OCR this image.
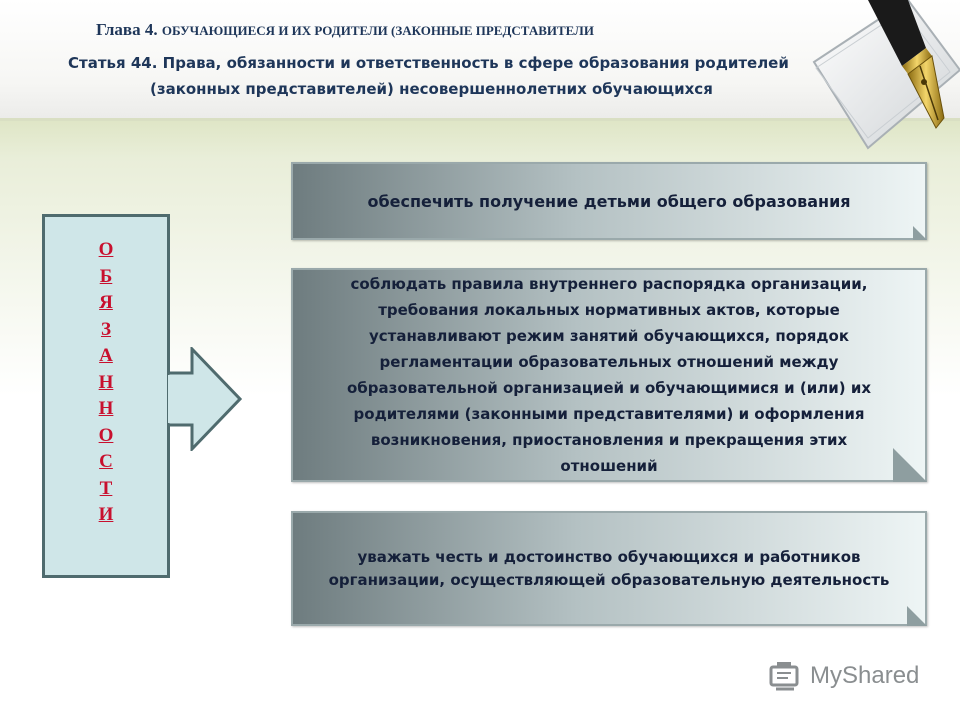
Глава 4. ОБУЧАЮЩИЕСЯ И ИХ РОДИТЕЛИ (ЗАКОННЫЕ ПРЕДСТАВИТЕЛИ
Статья 44. Права, обязанности и ответственность в сфере образования родителей
(законных представителей) несовершеннолетних обучающихся
О
Б
Я
З
А
Н
Н
О
С
Т
И
обеспечить получение детьми общего образования
соблюдать правила внутреннего распорядка организации, требования локальных нормативных актов, которые устанавливают режим занятий обучающихся, порядок регламентации образовательных отношений между образовательной организацией и обучающимися и (или) их родителями (законными представителями) и оформления возникновения, приостановления и прекращения этих отношений
уважать честь и достоинство обучающихся и работников организации, осуществляющей образовательную деятельность
MyShared
